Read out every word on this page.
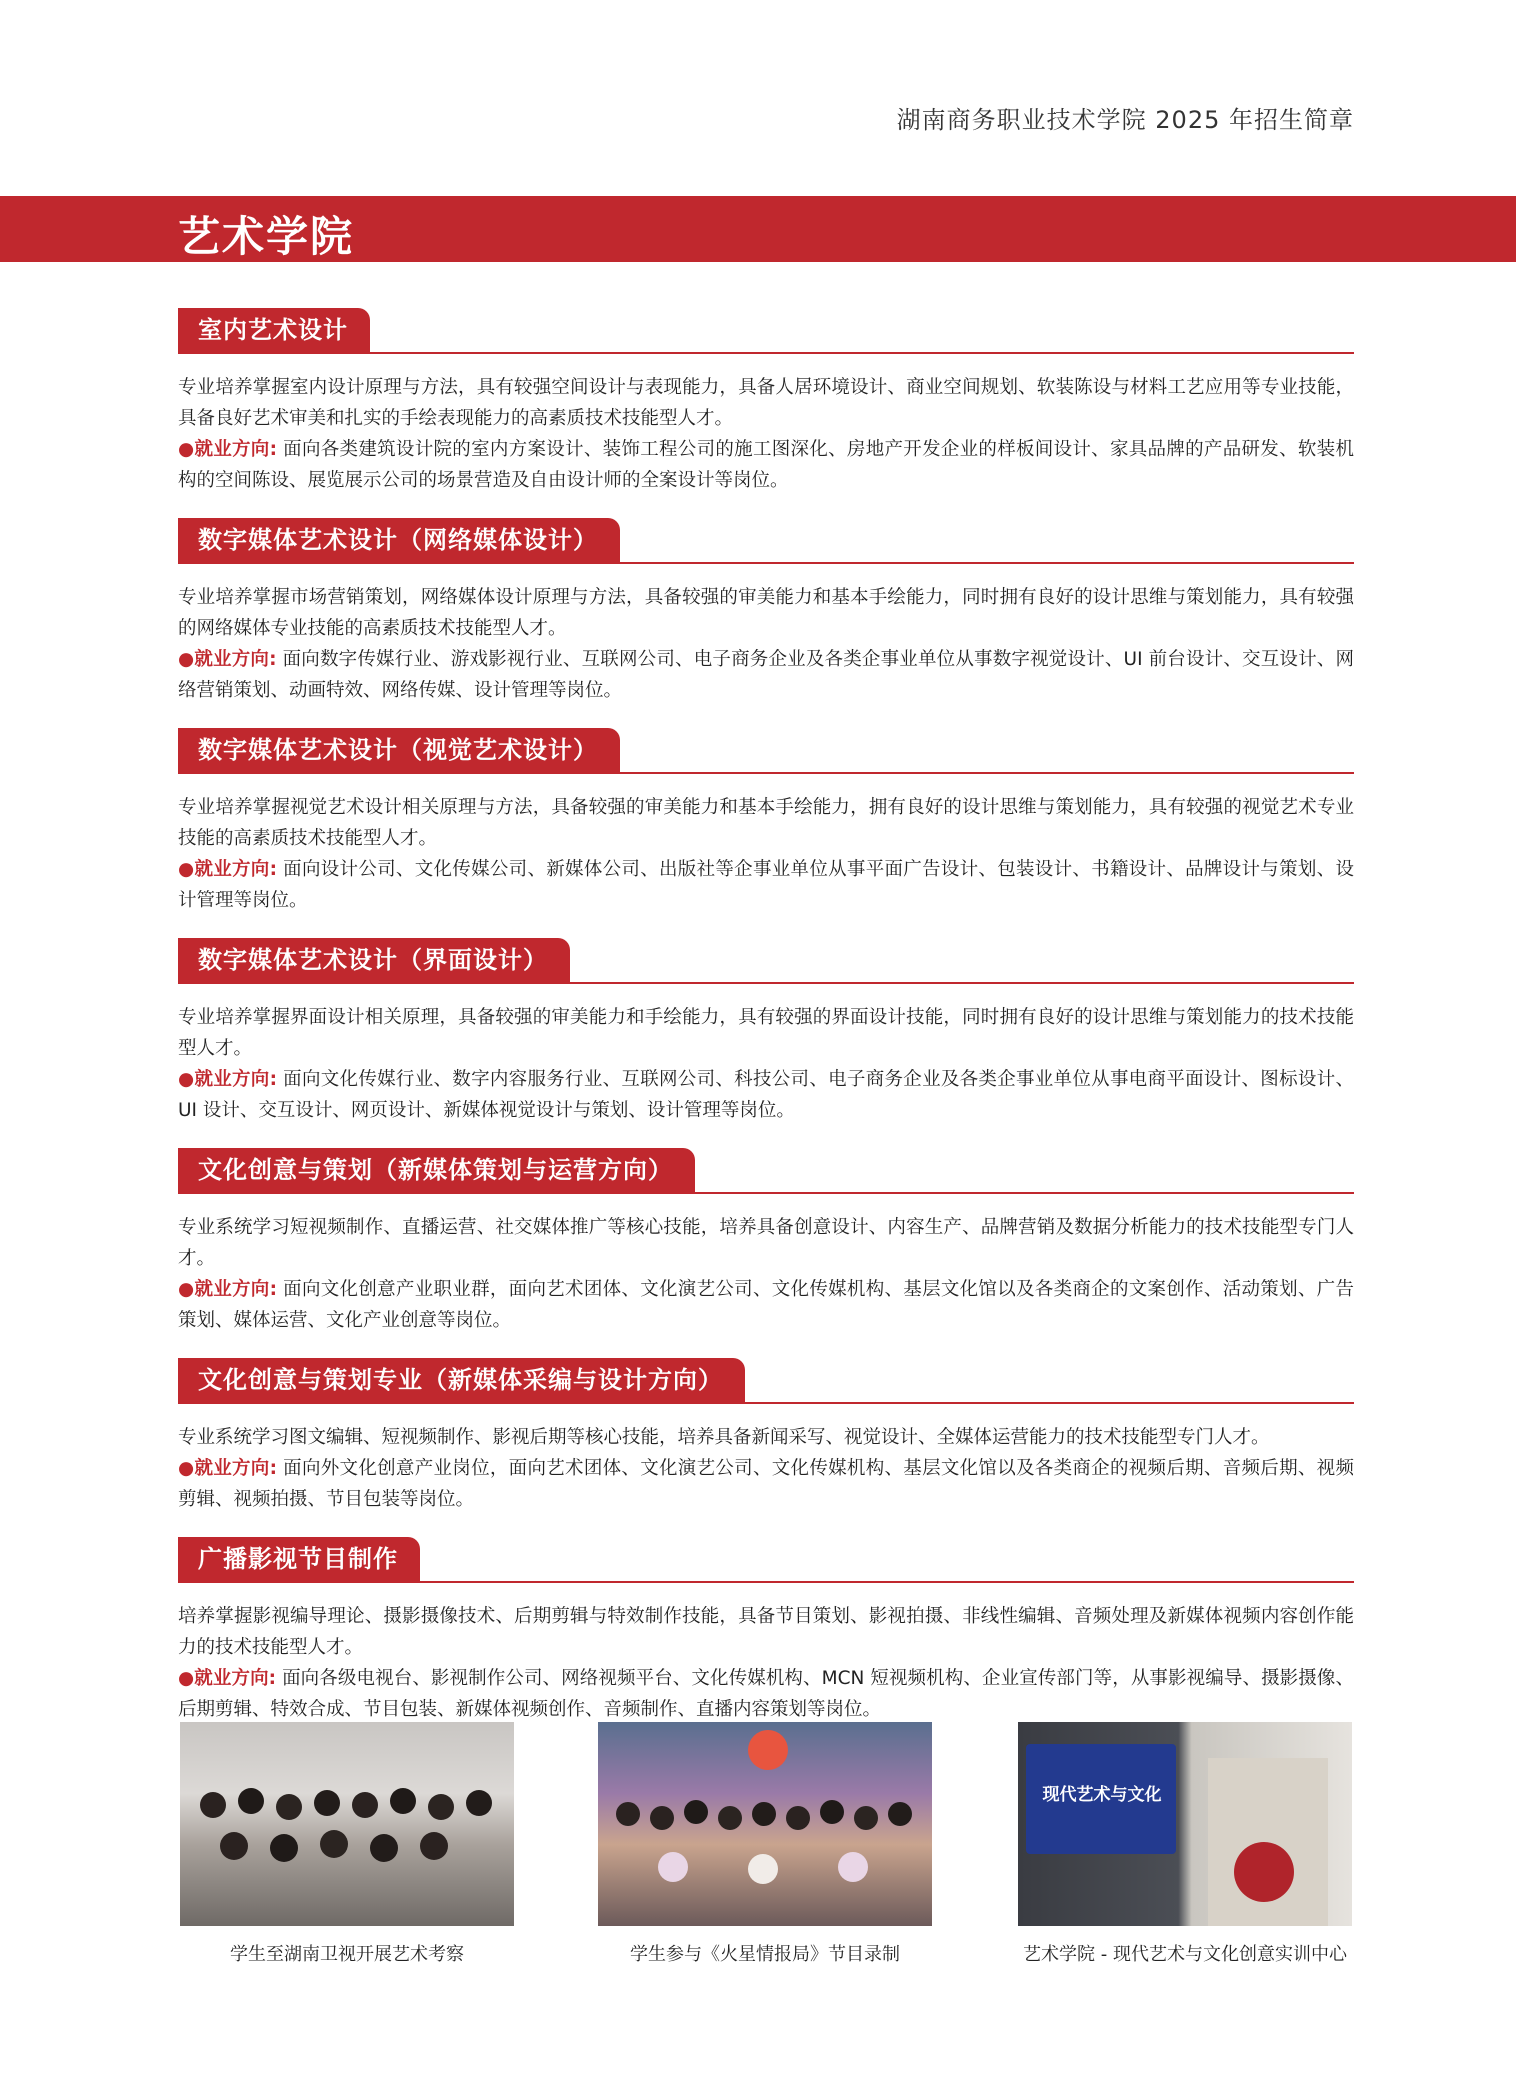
湖南商务职业技术学院 2025 年招生简章
艺术学院
室内艺术设计

专业培养掌握室内设计原理与方法，具有较强空间设计与表现能力，具备人居环境设计、商业空间规划、软装陈设与材料工艺应用等专业技能，具备良好艺术审美和扎实的手绘表现能力的高素质技术技能型人才。

●就业方向: 面向各类建筑设计院的室内方案设计、装饰工程公司的施工图深化、房地产开发企业的样板间设计、家具品牌的产品研发、软装机构的空间陈设、展览展示公司的场景营造及自由设计师的全案设计等岗位。

数字媒体艺术设计（网络媒体设计）

专业培养掌握市场营销策划，网络媒体设计原理与方法，具备较强的审美能力和基本手绘能力，同时拥有良好的设计思维与策划能力，具有较强的网络媒体专业技能的高素质技术技能型人才。

●就业方向: 面向数字传媒行业、游戏影视行业、互联网公司、电子商务企业及各类企事业单位从事数字视觉设计、UI 前台设计、交互设计、网络营销策划、动画特效、网络传媒、设计管理等岗位。

数字媒体艺术设计（视觉艺术设计）

专业培养掌握视觉艺术设计相关原理与方法，具备较强的审美能力和基本手绘能力，拥有良好的设计思维与策划能力，具有较强的视觉艺术专业技能的高素质技术技能型人才。

●就业方向: 面向设计公司、文化传媒公司、新媒体公司、出版社等企事业单位从事平面广告设计、包装设计、书籍设计、品牌设计与策划、设计管理等岗位。

数字媒体艺术设计（界面设计）

专业培养掌握界面设计相关原理，具备较强的审美能力和手绘能力，具有较强的界面设计技能，同时拥有良好的设计思维与策划能力的技术技能型人才。

●就业方向: 面向文化传媒行业、数字内容服务行业、互联网公司、科技公司、电子商务企业及各类企事业单位从事电商平面设计、图标设计、UI 设计、交互设计、网页设计、新媒体视觉设计与策划、设计管理等岗位。

文化创意与策划（新媒体策划与运营方向）

专业系统学习短视频制作、直播运营、社交媒体推广等核心技能，培养具备创意设计、内容生产、品牌营销及数据分析能力的技术技能型专门人才。

●就业方向: 面向文化创意产业职业群，面向艺术团体、文化演艺公司、文化传媒机构、基层文化馆以及各类商企的文案创作、活动策划、广告策划、媒体运营、文化产业创意等岗位。

文化创意与策划专业（新媒体采编与设计方向）

专业系统学习图文编辑、短视频制作、影视后期等核心技能，培养具备新闻采写、视觉设计、全媒体运营能力的技术技能型专门人才。

●就业方向: 面向外文化创意产业岗位，面向艺术团体、文化演艺公司、文化传媒机构、基层文化馆以及各类商企的视频后期、音频后期、视频剪辑、视频拍摄、节目包装等岗位。

广播影视节目制作

培养掌握影视编导理论、摄影摄像技术、后期剪辑与特效制作技能，具备节目策划、影视拍摄、非线性编辑、音频处理及新媒体视频内容创作能力的技术技能型人才。

●就业方向: 面向各级电视台、影视制作公司、网络视频平台、文化传媒机构、MCN 短视频机构、企业宣传部门等，从事影视编导、摄影摄像、后期剪辑、特效合成、节目包装、新媒体视频创作、音频制作、直播内容策划等岗位。

学生至湖南卫视开展艺术考察	学生参与《火星情报局》节目录制
现代艺术与文化
艺术学院 - 现代艺术与文化创意实训中心
